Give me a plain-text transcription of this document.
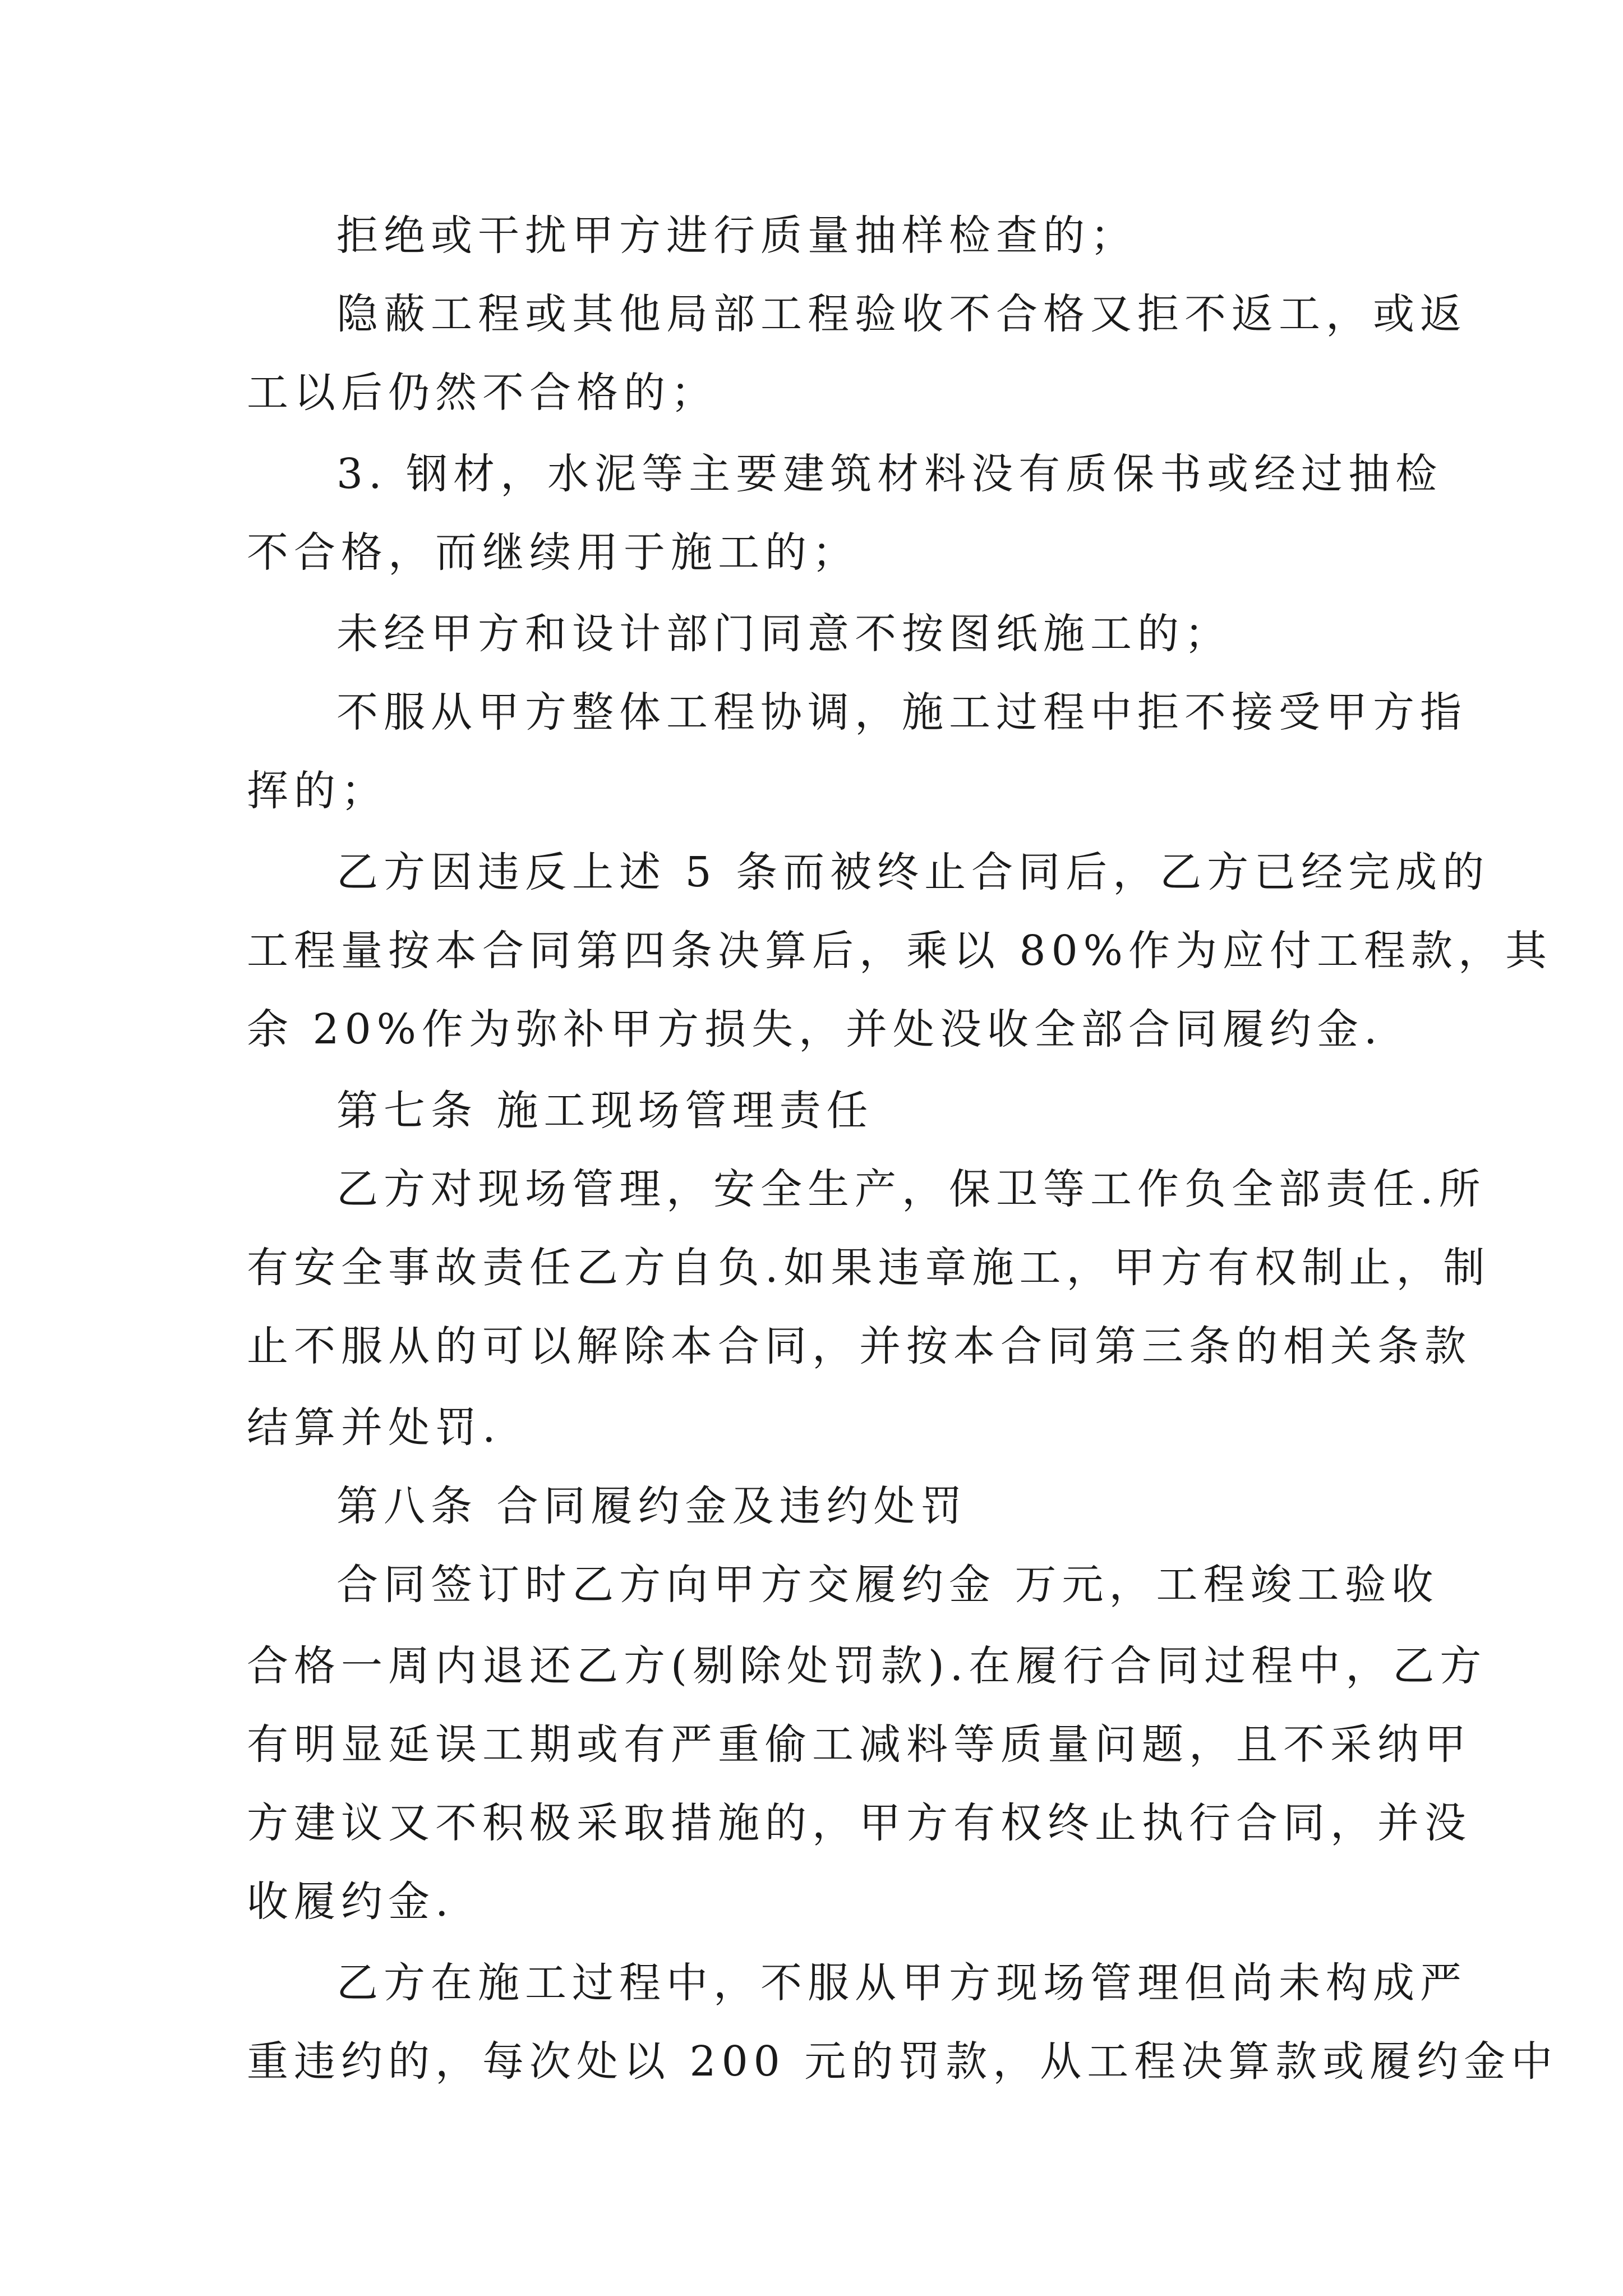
拒绝或干扰甲方进行质量抽样检查的；
隐蔽工程或其他局部工程验收不合格又拒不返工，或返
工以后仍然不合格的；
3. 钢材，水泥等主要建筑材料没有质保书或经过抽检
不合格，而继续用于施工的；
未经甲方和设计部门同意不按图纸施工的；
不服从甲方整体工程协调，施工过程中拒不接受甲方指
挥的；
乙方因违反上述 5 条而被终止合同后，乙方已经完成的
工程量按本合同第四条决算后，乘以 80%作为应付工程款，其
余 20%作为弥补甲方损失，并处没收全部合同履约金.
第七条 施工现场管理责任
乙方对现场管理，安全生产，保卫等工作负全部责任.所
有安全事故责任乙方自负.如果违章施工，甲方有权制止，制
止不服从的可以解除本合同，并按本合同第三条的相关条款
结算并处罚.
第八条 合同履约金及违约处罚
合同签订时乙方向甲方交履约金 万元，工程竣工验收
合格一周内退还乙方(剔除处罚款).在履行合同过程中，乙方
有明显延误工期或有严重偷工减料等质量问题，且不采纳甲
方建议又不积极采取措施的，甲方有权终止执行合同，并没
收履约金.
乙方在施工过程中，不服从甲方现场管理但尚未构成严
重违约的，每次处以 200 元的罚款，从工程决算款或履约金中
